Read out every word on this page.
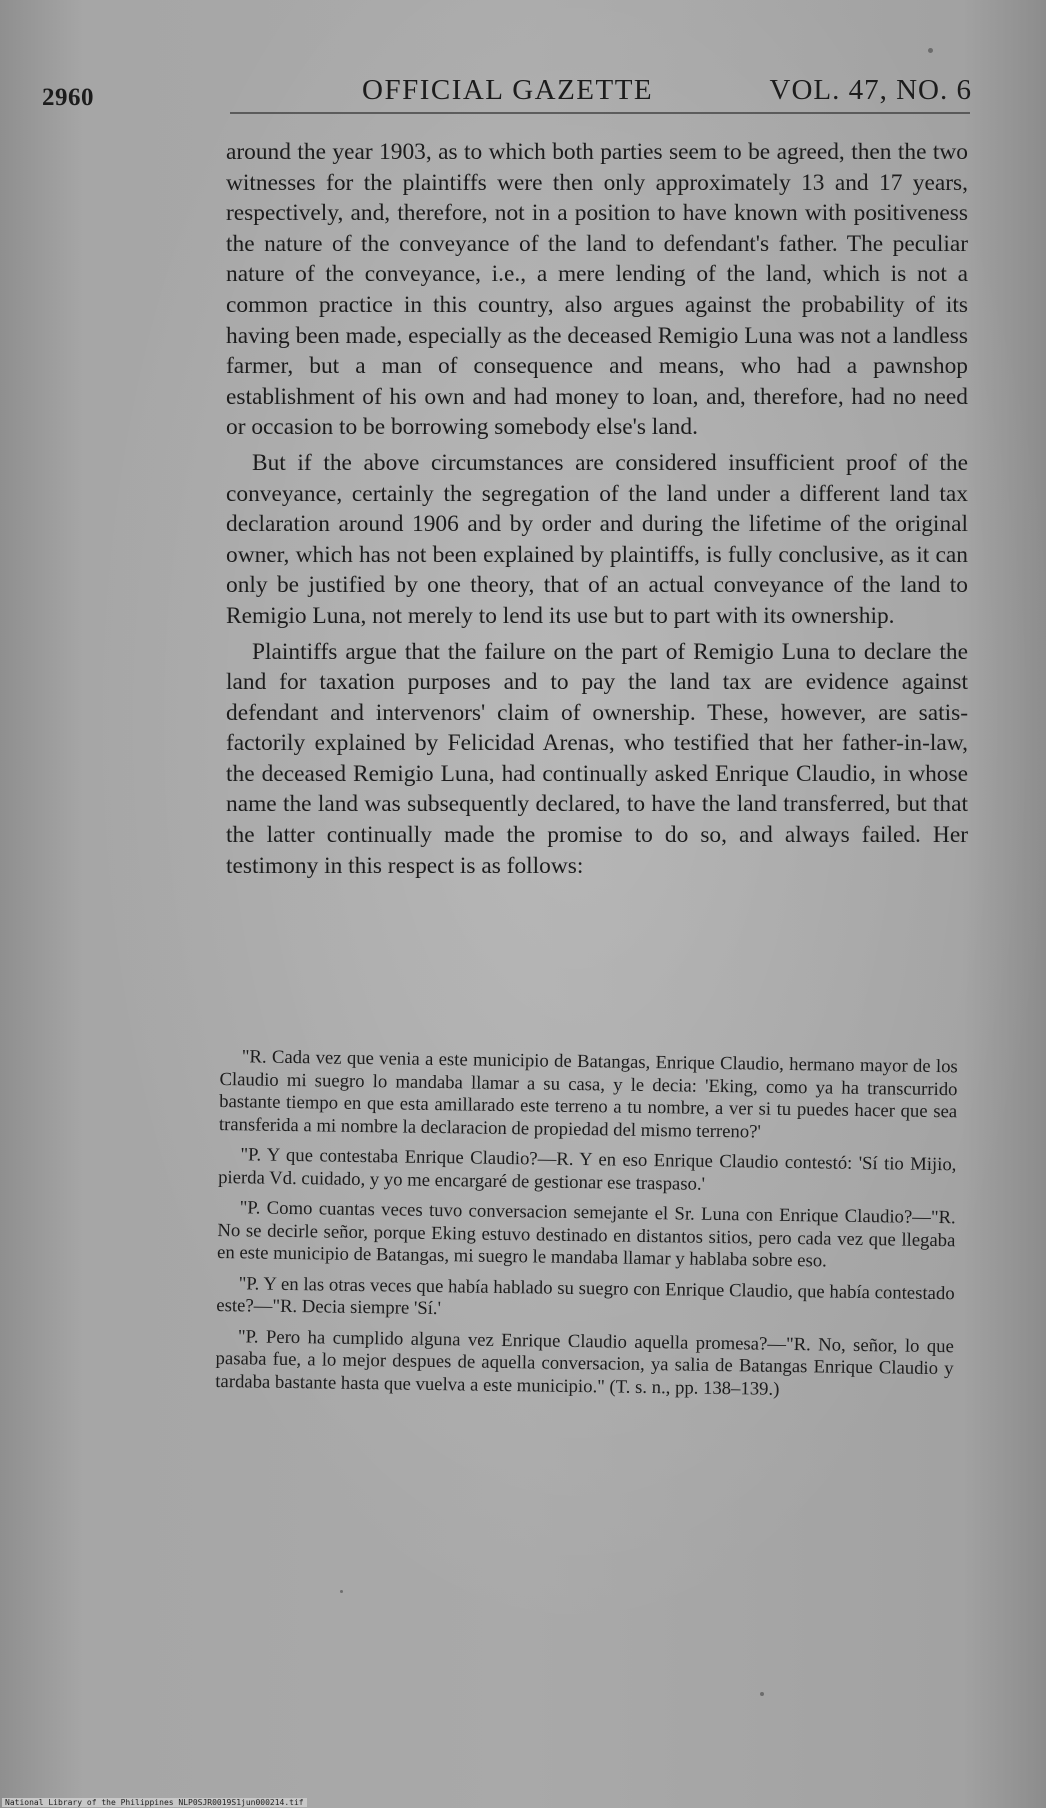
2960	OFFICIAL GAZETTE	VOL. 47, NO. 6

around the year 1903, as to which both parties seem to be agreed, then the two witnesses for the plaintiffs were then only approximately 13 and 17 years, respectively, and, therefore, not in a position to have known with positiveness the nature of the conveyance of the land to defendant's father. The peculiar nature of the conveyance, i.e., a mere lending of the land, which is not a common practice in this country, also argues against the probability of its having been made, especially as the deceased Remigio Luna was not a landless farmer, but a man of consequence and means, who had a pawnshop establishment of his own and had money to loan, and, therefore, had no need or occasion to be borrowing somebody else's land.

But if the above circumstances are considered insufficient proof of the conveyance, certainly the segregation of the land under a different land tax declaration around 1906 and by order and during the lifetime of the original owner, which has not been explained by plaintiffs, is fully conclusive, as it can only be justified by one theory, that of an actual conveyance of the land to Remigio Luna, not merely to lend its use but to part with its ownership.

Plaintiffs argue that the failure on the part of Remigio Luna to declare the land for taxation purposes and to pay the land tax are evidence against defendant and intervenors' claim of ownership. These, however, are satisfactorily explained by Felicidad Arenas, who testified that her father-in-law, the deceased Remigio Luna, had continually asked Enrique Claudio, in whose name the land was subsequently declared, to have the land transferred, but that the latter continually made the promise to do so, and always failed. Her testimony in this respect is as follows:

"R. Cada vez que venia a este municipio de Batangas, Enrique Claudio, hermano mayor de los Claudio mi suegro lo mandaba llamar a su casa, y le decia: 'Eking, como ya ha transcurrido bastante tiempo en que esta amillarado este terreno a tu nombre, a ver si tu puedes hacer que sea transferida a mi nombre la declaracion de propiedad del mismo terreno?'

"P. Y que contestaba Enrique Claudio?—R. Y en eso Enrique Claudio contestó: 'Sí tio Mijio, pierda Vd. cuidado, y yo me encargaré de gestionar ese traspaso.'

"P. Como cuantas veces tuvo conversacion semejante el Sr. Luna con Enrique Claudio?—"R. No se decirle señor, porque Eking estuvo destinado en distantos sitios, pero cada vez que llegaba en este municipio de Batangas, mi suegro le mandaba llamar y hablaba sobre eso.

"P. Y en las otras veces que había hablado su suegro con Enrique Claudio, que había contestado este?—"R. Decia siempre 'Sí.'

"P. Pero ha cumplido alguna vez Enrique Claudio aquella promesa?—"R. No, señor, lo que pasaba fue, a lo mejor despues de aquella conversacion, ya salia de Batangas Enrique Claudio y tardaba bastante hasta que vuelva a este municipio." (T. s. n., pp. 138–139.)

National Library of the Philippines NLP0SJR0019S1jun000214.tif
